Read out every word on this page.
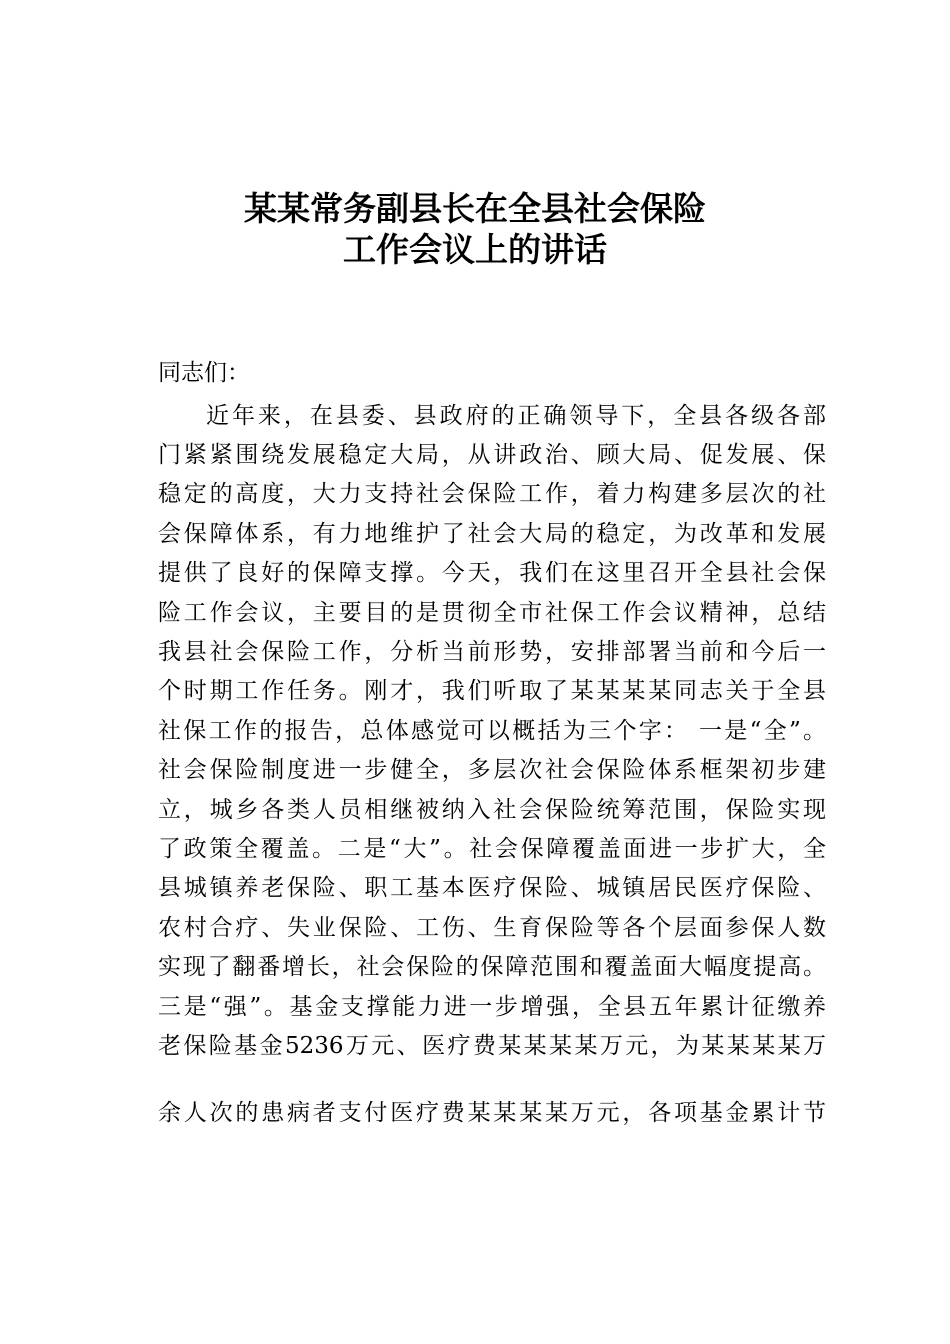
某某常务副县长在全县社会保险
工作会议上的讲话

同志们：

近年来，在县委、县政府的正确领导下，全县各级各部

门紧紧围绕发展稳定大局，从讲政治、顾大局、促发展、保

稳定的高度，大力支持社会保险工作，着力构建多层次的社

会保障体系，有力地维护了社会大局的稳定，为改革和发展

提供了良好的保障支撑。今天，我们在这里召开全县社会保

险工作会议，主要目的是贯彻全市社保工作会议精神，总结

我县社会保险工作，分析当前形势，安排部署当前和今后一

个时期工作任务。刚才，我们听取了某某某某同志关于全县

社保工作的报告，总体感觉可以概括为三个字： 一是“全”。

社会保险制度进一步健全，多层次社会保险体系框架初步建

立，城乡各类人员相继被纳入社会保险统筹范围，保险实现

了政策全覆盖。二是“大”。社会保障覆盖面进一步扩大，全

县城镇养老保险、职工基本医疗保险、城镇居民医疗保险、

农村合疗、失业保险、工伤、生育保险等各个层面参保人数

实现了翻番增长，社会保险的保障范围和覆盖面大幅度提高。

三是“强”。基金支撑能力进一步增强，全县五年累计征缴养

老保险基金5236万元、医疗费某某某某万元，为某某某某万

余人次的患病者支付医疗费某某某某万元，各项基金累计节
